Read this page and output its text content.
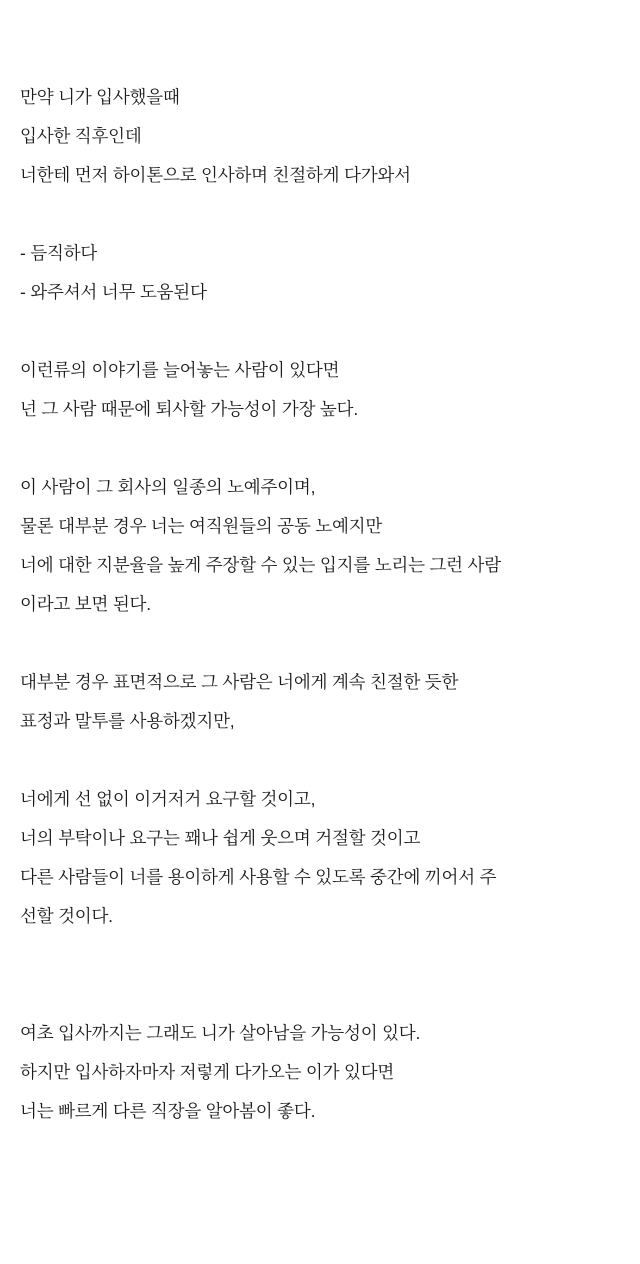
만약 니가 입사했을때
입사한 직후인데
너한테 먼저 하이톤으로 인사하며 친절하게 다가와서
- 듬직하다
- 와주셔서 너무 도움된다
이런류의 이야기를 늘어놓는 사람이 있다면
넌 그 사람 때문에 퇴사할 가능성이 가장 높다.
이 사람이 그 회사의 일종의 노예주이며,
물론 대부분 경우 너는 여직원들의 공동 노예지만
너에 대한 지분율을 높게 주장할 수 있는 입지를 노리는 그런 사람
이라고 보면 된다.
대부분 경우 표면적으로 그 사람은 너에게 계속 친절한 듯한
표정과 말투를 사용하겠지만,
너에게 선 없이 이거저거 요구할 것이고,
너의 부탁이나 요구는 꽤나 쉽게 웃으며 거절할 것이고
다른 사람들이 너를 용이하게 사용할 수 있도록 중간에 끼어서 주
선할 것이다.
여초 입사까지는 그래도 니가 살아남을 가능성이 있다.
하지만 입사하자마자 저렇게 다가오는 이가 있다면
너는 빠르게 다른 직장을 알아봄이 좋다.
